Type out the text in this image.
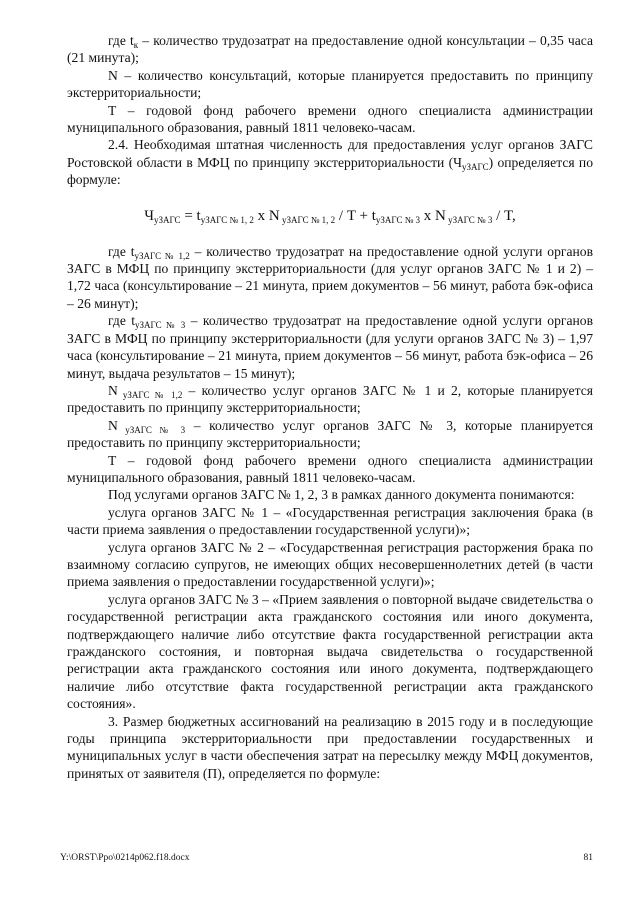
где $t_к$ – количество трудозатрат на предоставление одной консультации – 0,35 часа (21 минута);

N – количество консультаций, которые планируется предоставить по принципу экстерриториальности;

T – годовой фонд рабочего времени одного специалиста администрации муниципального образования, равный 1811 человеко-часам.

2.4. Необходимая штатная численность для предоставления услуг органов ЗАГС Ростовской области в МФЦ по принципу экстерриториальности $(Ч_{уЗАГС})$ определяется по формуле:

$Ч_{уЗАГС} = t_{уЗАГС № 1, 2}$ x N $_{уЗАГС № 1, 2} / T + t_{уЗАГС № 3}$ x N $_{уЗАГС № 3}$ / T,

где $t_{уЗАГС № 1,2}$ – количество трудозатрат на предоставление одной услуги органов ЗАГС в МФЦ по принципу экстерриториальности (для услуг органов ЗАГС № 1 и 2) – 1,72 часа (консультирование – 21 минута, прием документов – 56 минут, работа бэк-офиса – 26 минут);

где $t_{уЗАГС № 3}$ – количество трудозатрат на предоставление одной услуги органов ЗАГС в МФЦ по принципу экстерриториальности (для услуги органов ЗАГС № 3) – 1,97 часа (консультирование – 21 минута, прием документов – 56 минут, работа бэк-офиса – 26 минут, выдача результатов – 15 минут);

N $_{уЗАГС № 1,2}$ – количество услуг органов ЗАГС № 1 и 2, которые планируется предоставить по принципу экстерриториальности;

N $_{уЗАГС № 3}$ – количество услуг органов ЗАГС № 3, которые планируется предоставить по принципу экстерриториальности;

T – годовой фонд рабочего времени одного специалиста администрации муниципального образования, равный 1811 человеко-часам.

Под услугами органов ЗАГС № 1, 2, 3 в рамках данного документа понимаются:

услуга органов ЗАГС № 1 – «Государственная регистрация заключения брака (в части приема заявления о предоставлении государственной услуги)»;

услуга органов ЗАГС № 2 – «Государственная регистрация расторжения брака по взаимному согласию супругов, не имеющих общих несовершеннолетних детей (в части приема заявления о предоставлении государственной услуги)»;

услуга органов ЗАГС № 3 – «Прием заявления о повторной выдаче свидетельства о государственной регистрации акта гражданского состояния или иного документа, подтверждающего наличие либо отсутствие факта государственной регистрации акта гражданского состояния, и повторная выдача свидетельства о государственной регистрации акта гражданского состояния или иного документа, подтверждающего наличие либо отсутствие факта государственной регистрации акта гражданского состояния».

3. Размер бюджетных ассигнований на реализацию в 2015 году и в последующие годы принципа экстерриториальности при предоставлении государственных и муниципальных услуг в части обеспечения затрат на пересылку между МФЦ документов, принятых от заявителя (П), определяется по формуле:

Y:\ORST\Ppo\0214p062.f18.docx	81
